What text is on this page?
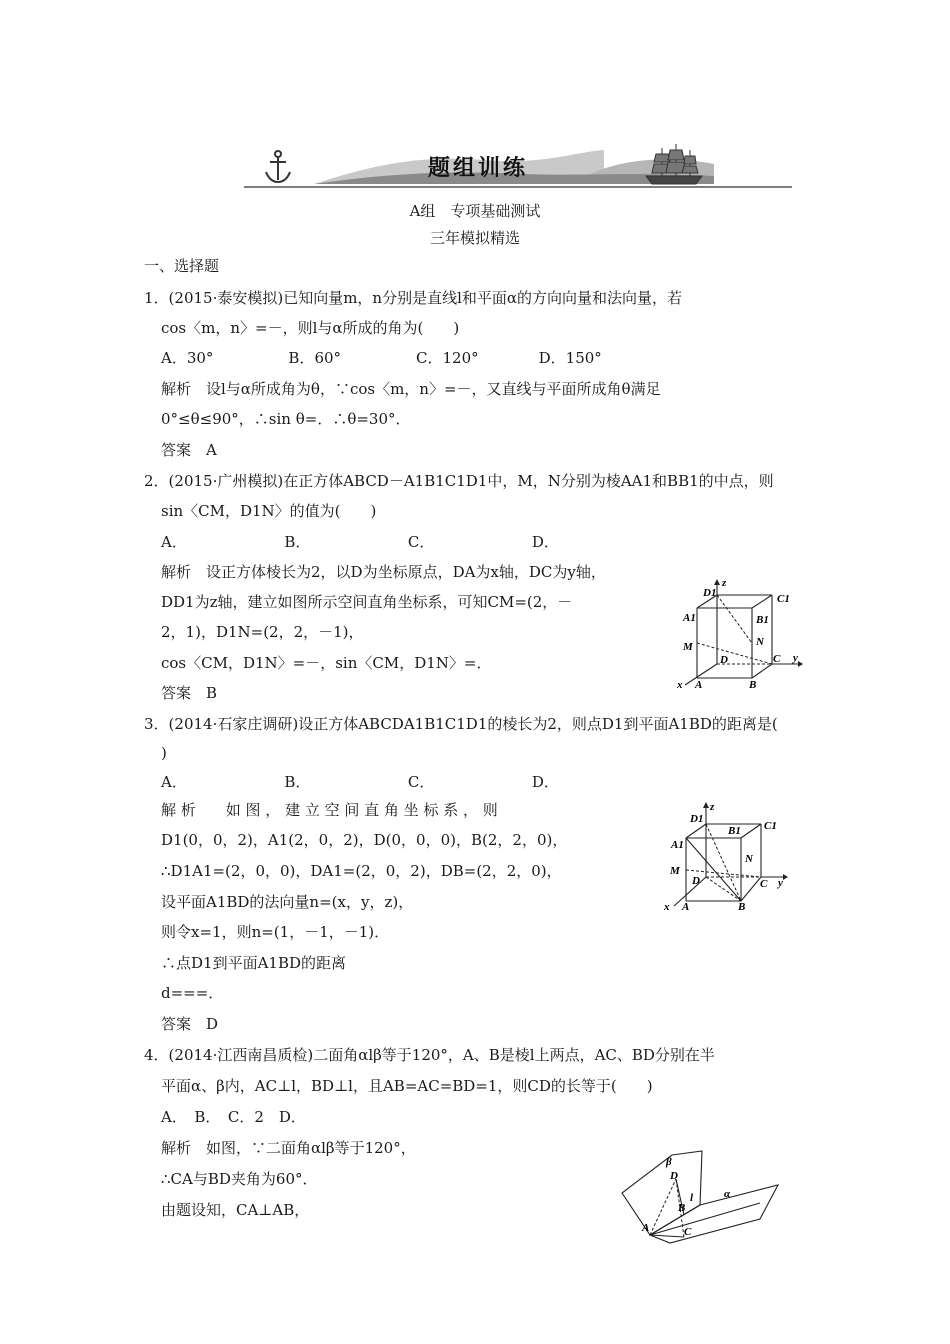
题组训练
A组　专项基础测试
三年模拟精选
一、选择题
1．(2015·泰安模拟)已知向量m，n分别是直线l和平面α的方向向量和法向量，若
cos〈m，n〉=－，则l与α所成的角为(　　)
A．30°　　　　　B．60°　　　　　C．120°　　　　D．150°
解析　设l与α所成角为θ，∵cos〈m，n〉=－，又直线与平面所成角θ满足
0°≤θ≤90°，∴sin θ=．∴θ=30°．
答案　A
2．(2015·广州模拟)在正方体ABCD－A1B1C1D1中，M，N分别为棱AA1和BB1的中点，则
sin〈CM，D1N〉的值为(　　)
A．　　　　　　　B．　　　　　　　C．　　　　　　　D．
解析　设正方体棱长为2，以D为坐标原点，DA为x轴，DC为y轴，
DD1为z轴，建立如图所示空间直角坐标系，可知CM=(2，－
2，1)，D1N=(2，2，－1)，
cos〈CM，D1N〉=－，sin〈CM，D1N〉=．
答案　B
3．(2014·石家庄调研)设正方体ABCDA1B1C1D1的棱长为2，则点D1到平面A1BD的距离是(
)
A．　　　　　　　B．　　　　　　　C．　　　　　　　D．
解 析　　如 图 ， 建 立 空 间 直 角 坐 标 系 ， 则
D1(0，0，2)，A1(2，0，2)，D(0，0，0)，B(2，2，0)，
∴D1A1=(2，0，0)，DA1=(2，0，2)，DB=(2，2，0)，
设平面A1BD的法向量n=(x，y，z)，
则令x=1，则n=(1，－1，－1)．
∴点D1到平面A1BD的距离
d===．
答案　D
4．(2014·江西南昌质检)二面角αlβ等于120°，A、B是棱l上两点，AC、BD分别在半
平面α、β内，AC⊥l，BD⊥l，且AB=AC=BD=1，则CD的长等于(　　)
A．　B．　C．2　D．
解析　如图，∵二面角αlβ等于120°，
∴CA与BD夹角为60°．
由题设知，CA⊥AB，
D1
z
C1
A1	B1
N
M
D	C y
x A	B
D1
z
B1 C1
A1
N
M
D	C y
x A	B
β
D
l	α
B
A	C
